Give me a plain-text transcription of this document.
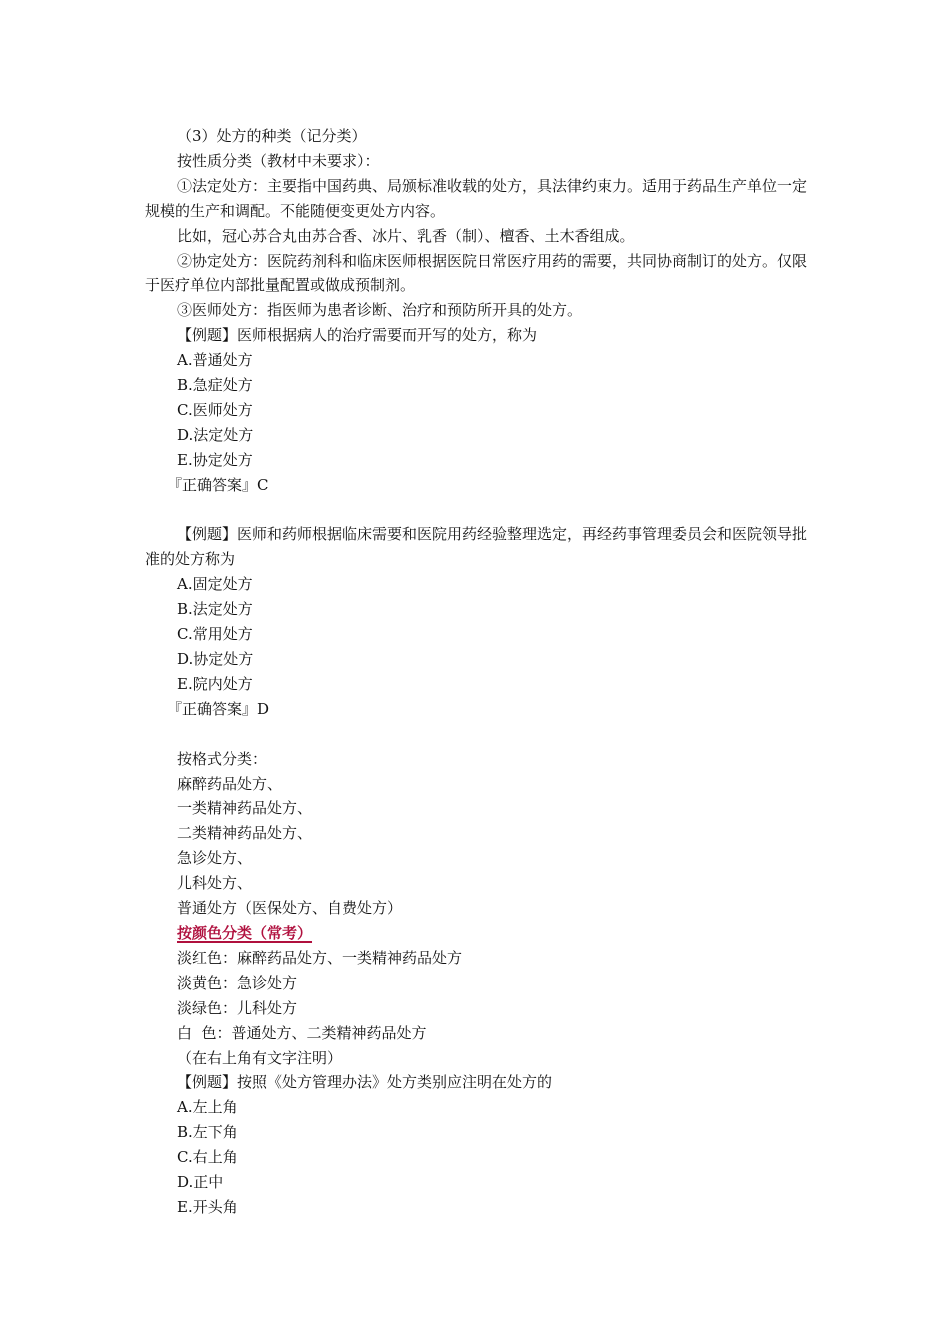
（3）处方的种类（记分类）
按性质分类（教材中未要求）：
①法定处方：主要指中国药典、局颁标准收载的处方，具法律约束力。适用于药品生产单位一定规模的生产和调配。不能随便变更处方内容。
比如，冠心苏合丸由苏合香、冰片、乳香（制）、檀香、土木香组成。
②协定处方：医院药剂科和临床医师根据医院日常医疗用药的需要，共同协商制订的处方。仅限于医疗单位内部批量配置或做成预制剂。
③医师处方：指医师为患者诊断、治疗和预防所开具的处方。
【例题】医师根据病人的治疗需要而开写的处方，称为
A.普通处方
B.急症处方
C.医师处方
D.法定处方
E.协定处方
『正确答案』C
【例题】医师和药师根据临床需要和医院用药经验整理选定，再经药事管理委员会和医院领导批准的处方称为
A.固定处方
B.法定处方
C.常用处方
D.协定处方
E.院内处方
『正确答案』D
按格式分类：
麻醉药品处方、
一类精神药品处方、
二类精神药品处方、
急诊处方、
儿科处方、
普通处方（医保处方、自费处方）
按颜色分类（常考）
淡红色：麻醉药品处方、一类精神药品处方
淡黄色：急诊处方
淡绿色：儿科处方
白  色：普通处方、二类精神药品处方
（在右上角有文字注明）
【例题】按照《处方管理办法》处方类别应注明在处方的
A.左上角
B.左下角
C.右上角
D.正中
E.开头角
